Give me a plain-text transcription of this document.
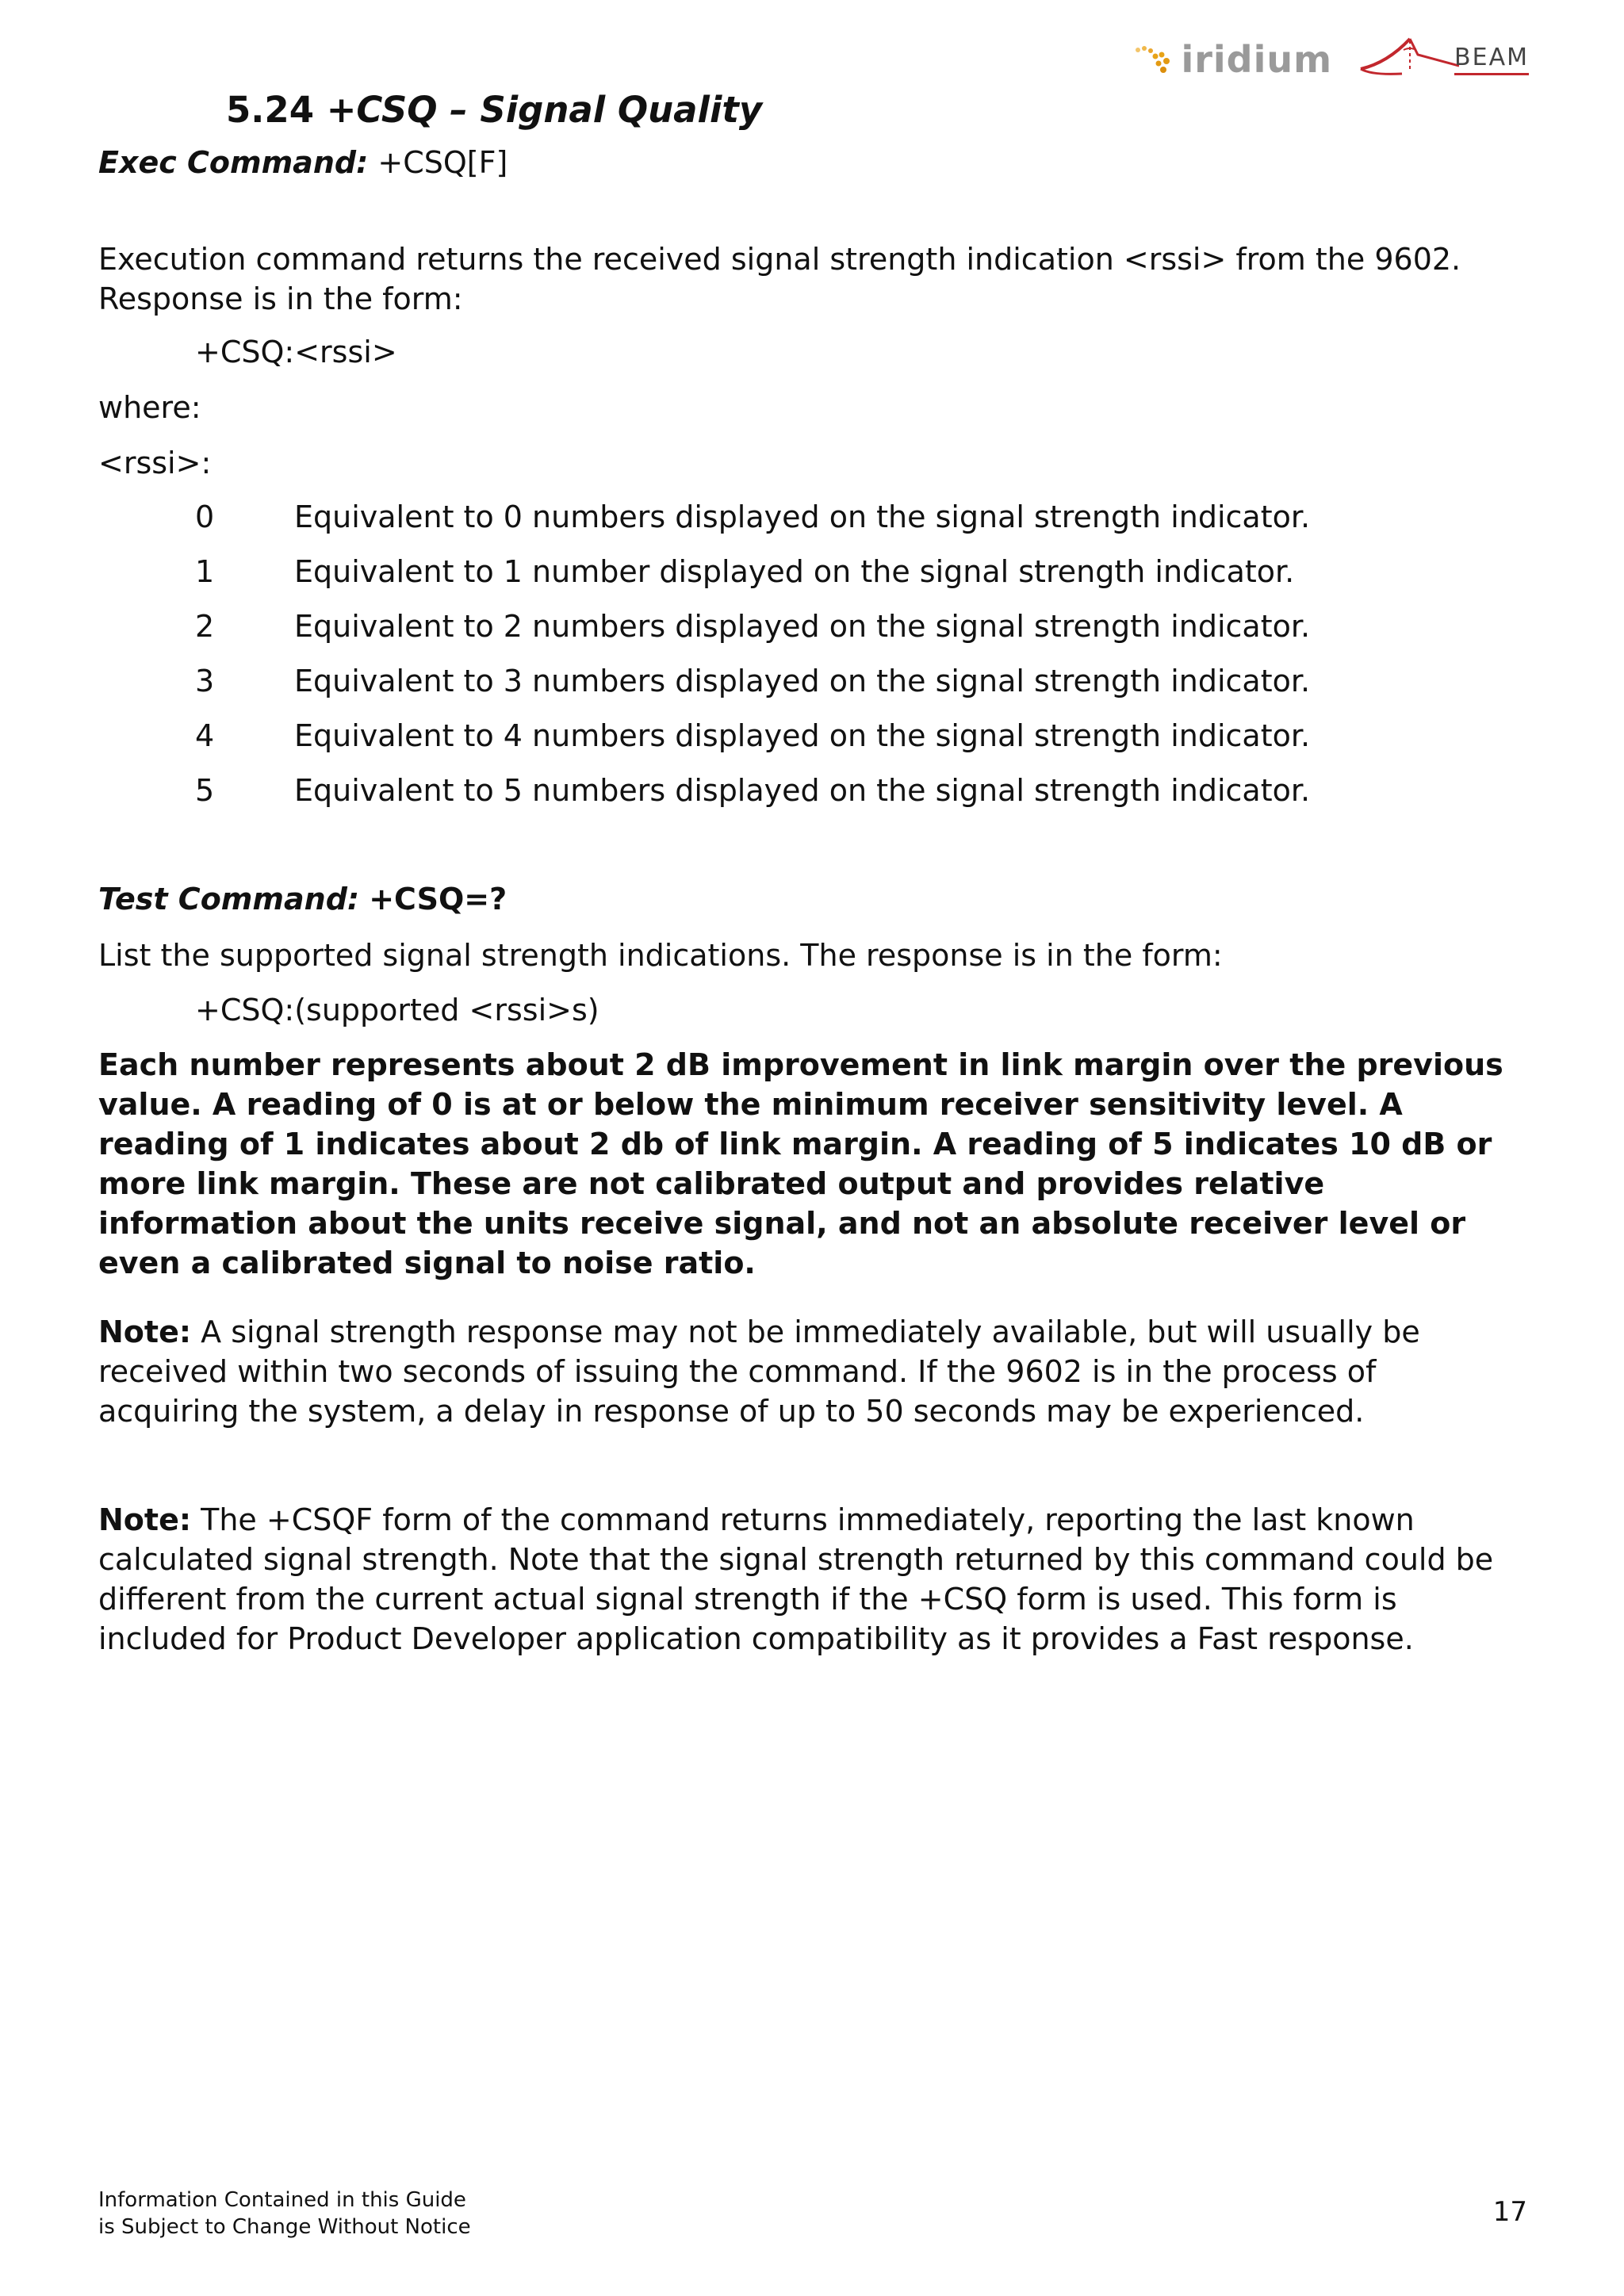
iridium	BEAM
5.24 +CSQ – Signal Quality
Exec Command: +CSQ[F]
Execution command returns the received signal strength indication <rssi> from the 9602. Response is in the form:
+CSQ:<rssi>
where:
<rssi>:
0	Equivalent to 0 numbers displayed on the signal strength indicator.
1	Equivalent to 1 number displayed on the signal strength indicator.
2	Equivalent to 2 numbers displayed on the signal strength indicator.
3	Equivalent to 3 numbers displayed on the signal strength indicator.
4	Equivalent to 4 numbers displayed on the signal strength indicator.
5	Equivalent to 5 numbers displayed on the signal strength indicator.
Test Command: +CSQ=?
List the supported signal strength indications. The response is in the form:
+CSQ:(supported <rssi>s)
Each number represents about 2 dB improvement in link margin over the previous value. A reading of 0 is at or below the minimum receiver sensitivity level. A reading of 1 indicates about 2 db of link margin. A reading of 5 indicates 10 dB or more link margin. These are not calibrated output and provides relative information about the units receive signal, and not an absolute receiver level or even a calibrated signal to noise ratio.
Note: A signal strength response may not be immediately available, but will usually be received within two seconds of issuing the command. If the 9602 is in the process of acquiring the system, a delay in response of up to 50 seconds may be experienced.
Note: The +CSQF form of the command returns immediately, reporting the last known calculated signal strength. Note that the signal strength returned by this command could be different from the current actual signal strength if the +CSQ form is used. This form is included for Product Developer application compatibility as it provides a Fast response.
Information Contained in this Guide
is Subject to Change Without Notice	17
